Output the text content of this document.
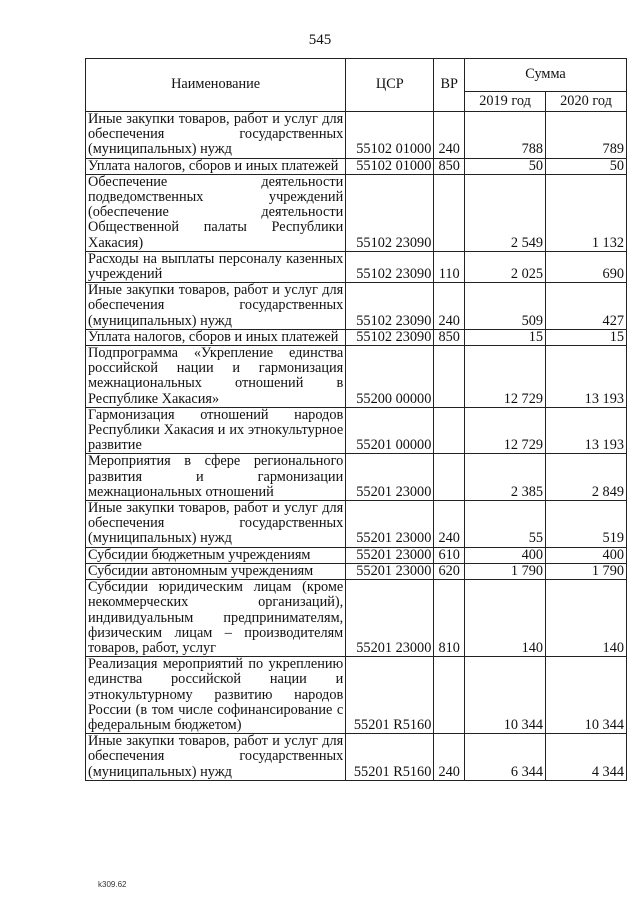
545
Наименование	ЦСР	ВР	Сумма	
			2019 год	2020 год
Иные закупки товаров, работ и услуг для обеспечения государственных (муниципальных) нужд	55102 01000	240	788	789
Уплата налогов, сборов и иных платежей	55102 01000	850	50	50
Обеспечение деятельности подведомственных учреждений (обеспечение деятельности Общественной палаты Республики Хакасия)	55102 23090		2 549	1 132
Расходы на выплаты персоналу казенных учреждений	55102 23090	110	2 025	690
Иные закупки товаров, работ и услуг для обеспечения государственных (муниципальных) нужд	55102 23090	240	509	427
Уплата налогов, сборов и иных платежей	55102 23090	850	15	15
Подпрограмма «Укрепление единства российской нации и гармонизация межнациональных отношений в Республике Хакасия»	55200 00000		12 729	13 193
Гармонизация отношений народов Республики Хакасия и их этнокультурное развитие	55201 00000		12 729	13 193
Мероприятия в сфере регионального развития и гармонизации межнациональных отношений	55201 23000		2 385	2 849
Иные закупки товаров, работ и услуг для обеспечения государственных (муниципальных) нужд	55201 23000	240	55	519
Субсидии бюджетным учреждениям	55201 23000	610	400	400
Субсидии автономным учреждениям	55201 23000	620	1 790	1 790
Субсидии юридическим лицам (кроме некоммерческих организаций), индивидуальным предпринимателям, физическим лицам – производителям товаров, работ, услуг	55201 23000	810	140	140
Реализация мероприятий по укреплению единства российской нации и этнокультурному развитию народов России (в том числе софинансирование с федеральным бюджетом)	55201 R5160		10 344	10 344
Иные закупки товаров, работ и услуг для обеспечения государственных (муниципальных) нужд	55201 R5160	240	6 344	4 344
k309.62
